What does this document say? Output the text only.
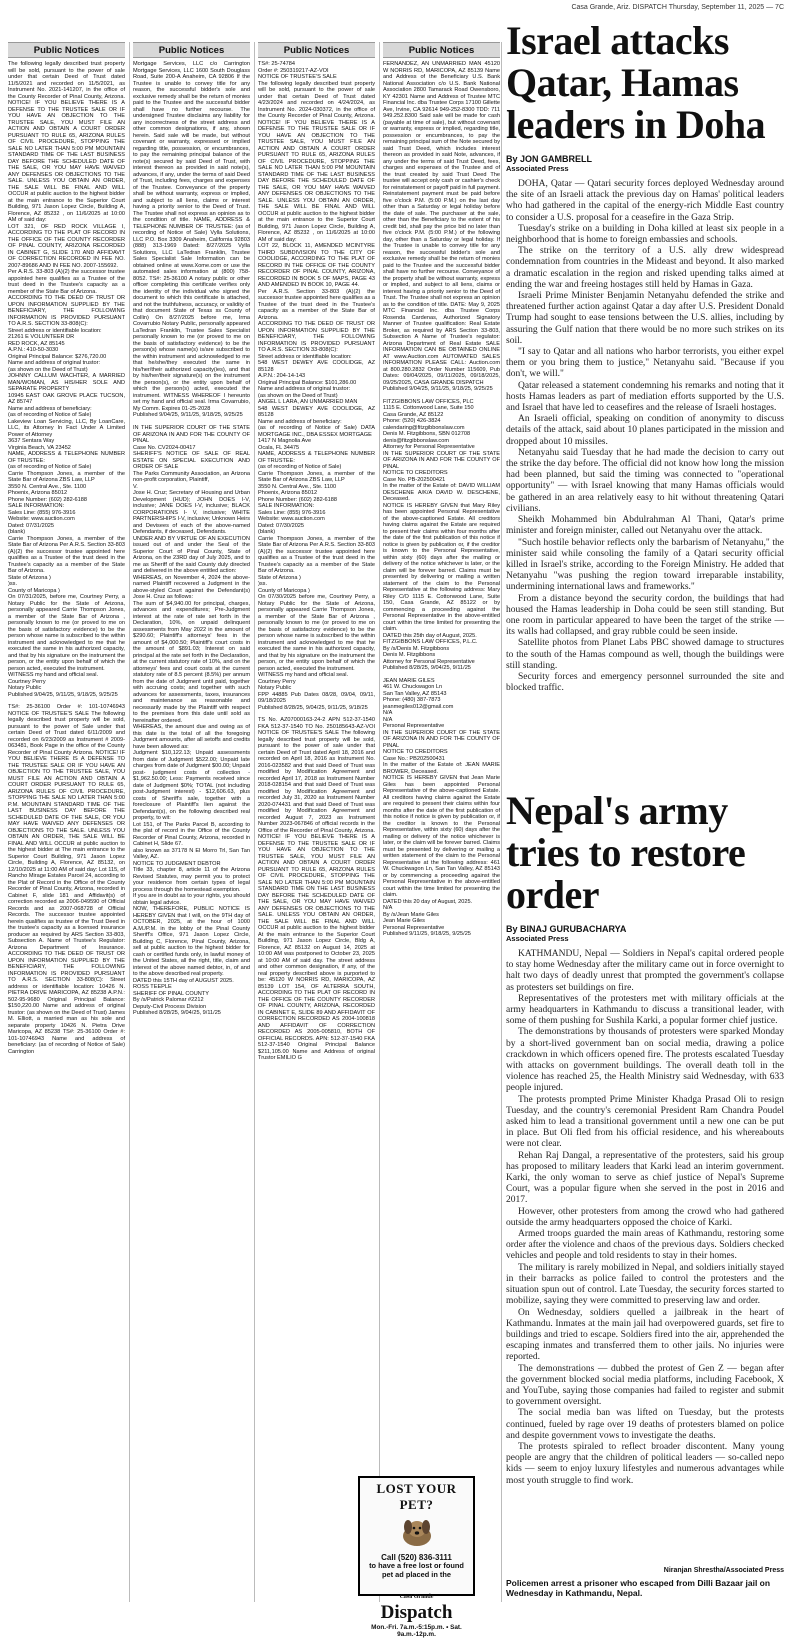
Casa Grande, Ariz. DISPATCH Thursday, September 11, 2025 — 7C
Public Notices
The following legally described trust property will be sold, pursuant to the power of sale under that certain Deed of Trust dated 11/5/2021 and recorded on 11/5/2021, as Instrument No. 2021-141207, in the office of the County Recorder of Pinal County, Arizona. NOTICE! IF YOU BELIEVE THERE IS A DEFENSE TO THE TRUSTEE SALE OR IF YOU HAVE AN OBJECTION TO THE TRUSTEE SALE, YOU MUST FILE AN ACTION AND OBTAIN A COURT ORDER PURSUANT TO RULE 65, ARIZONA RULES OF CIVIL PROCEDURE, STOPPING THE SALE NO LATER THAN 5:00 PM MOUNTAIN STANDARD TIME OF THE LAST BUSINESS DAY BEFORE THE SCHEDULED DATE OF THE SALE, OR YOU MAY HAVE WAIVED ANY DEFENSES OR OBJECTIONS TO THE SALE. UNLESS YOU OBTAIN AN ORDER, THE SALE WILL BE FINAL AND WILL OCCUR at public auction to the highest bidder at the main entrance to the Superior Court Building, 971 Jason Lopez Circle, Building A, Florence, AZ 85232 , on 11/6/2025 at 10:00 AM of said day:
LOT 321, OF RED ROCK VILLAGE I, ACCORDING TO THE PLAT OF RECORD IN THE OFFICE OF THE COUNTY RECORDER OF PINAL COUNTY, ARIZONA RECORDED IN CABINET G, SLIDE 170 AND AFFIDAVIT OF CORRECTION RECORDED IN FEE NO. 2007-89686 AND IN FEE NO. 2007-155692.
Per A.R.S. 33-803 (A)(2) the successor trustee appointed here qualifies as a Trustee of the trust deed in the Trustee's capacity as a member of the State Bar of Arizona.
ACCORDING TO THE DEED OF TRUST OR UPON INFORMATION SUPPLIED BY THE BENEFICIARY, THE FOLLOWING INFORMATION IS PROVIDED PURSUANT TO A.R.S. SECTION 33-808(C):
Street address or identifiable location:
21261 E VOLUNTEER DR
RED ROCK, AZ 85145
A.P.N.: 410-50-3030
Original Principal Balance: $276,720.00
Name and address of original trustor:
(as shown on the Deed of Trust)
JOHNNY CALLUM WACHTER, A MARRIED MAN/WOMAN, AS HIS/HER SOLE AND SEPARATE PROPERTY
10945 EAST OAK GROVE PLACE TUCSON, AZ 85747
Name and address of beneficiary:
(as of recording of Notice of Sale)
Lakeview Loan Servicing, LLC, By LoanCare, LLC, its Attorney In Fact Under A Limited Power of Attorney
3637 Sentara Way
Virginia Beach, VA 23452
NAME, ADDRESS & TELEPHONE NUMBER OF TRUSTEE:
(as of recording of Notice of Sale)
Carrie Thompson Jones, a member of the State Bar of Arizona ZBS Law, LLP
3550 N. Central Ave., Ste. 1100
Phoenix, Arizona 85012
Phone Number: (602) 282-6188
SALE INFORMATION:
Sales Line: (855) 976-3916
Website: www.auction.com
Dated: 07/31/2025
(blank)
Carrie Thompson Jones, a member of the State Bar of Arizona Per A.R.S. Section 33-803 (A)(2) the successor trustee appointed here qualifies as a Trustee of the trust deed in the Trustee's capacity as a member of the State Bar of Arizona.
State of Arizona )
)ss.
County of Maricopa )
On 07/31/2025, before me, Courtney Perry, a Notary Public for the State of Arizona, personally appeared Carrie Thompson Jones, a member of the State Bar of Arizona , personally known to me (or proved to me on the basis of satisfactory evidence) to be the person whose name is subscribed to the within instrument and acknowledged to me that he executed the same in his authorized capacity, and that by his signature on the instrument the person, or the entity upon behalf of which the person acted, executed the instrument.
WITNESS my hand and official seal.
Courtney Perry
Notary Public
Published 9/04/25, 9/11/25, 9/18/25, 9/25/25
TS#: 25-36100 Order #: 101-10746943 NOTICE OF TRUSTEE'S SALE The following legally described trust property will be sold, pursuant to the power of Sale under that certain Deed of Trust dated 6/11/2009 and recorded on 6/23/2009 as Instrument # 2009-063481, Book Page in the office of the County Recorder of Pinal County Arizona. NOTICE! IF YOU BELIEVE THERE IS A DEFENSE TO THE TRUSTEE SALE OR IF YOU HAVE AN OBJECTION TO THE TRUSTEE SALE, YOU MUST FILE AN ACTION AND OBTAIN A COURT ORDER PURSUANT TO RULE 65, ARIZONA RULES OF CIVIL PROCEDURE, STOPPING THE SALE NO LATER THAN 5:00 P.M. MOUNTAIN STANDARD TIME OF THE LAST BUSINESS DAY BEFORE THE SCHEDULED DATE OF THE SALE, OR YOU MAY HAVE WAIVED ANY DEFENSES OR OBJECTIONS TO THE SALE. UNLESS YOU OBTAIN AN ORDER, THE SALE WILL BE FINAL AND WILL OCCUR at public auction to the highest bidder at The main entrance to the Superior Court Building, 971 Jason Lopez Circle, Building A, Florence, AZ 85132, on 12/10/2025 at 11:00 AM of said day: Lot 115, of Rancho Mirage Estates Parcel 24, according to the Plat of Record in the Office of the County Recorder of Pinal County, Arizona, recorded in Cabinet F, slide 181 and Affidavit(s) of correction recorded as 2006-049590 of Official Records and as 2007-068728 of Official Records. The successor trustee appointed herein qualifies as trustee of the Trust Deed in the trustee's capacity as a licensed insurance producer as required by ARS Section 33-803, Subsection A. Name of Trustee's Regulator: Arizona Department of Insurance. ACCORDING TO THE DEED OF TRUST OR UPON INFORMATION SUPPLIED BY THE BENEFICIARY, THE FOLLOWING INFORMATION IS PROVIDED PURSUANT TO A.R.S. SECTION 33-808(C): Street address or identifiable location: 10426 N. PIETRA DRIVE MARICOPA, AZ 85238 A.P.N.: 502-95-9680 Original Principal Balance: $150,220.00 Name and address of original trustor: (as shown on the Deed of Trust) James M. Elliott, a married man as his sole and separate property 10426 N. Pietra Drive Maricopa, AZ 85238 TS#: 25-36100 Order #: 101-10746943 Name and address of beneficiary: (as of recording of Notice of Sale) Carrington
Public Notices
Mortgage Services, LLC c/o Carrington Mortgage Services, LLC 1600 South Douglass Road, Suite 200-A Anaheim, CA 92806 If the Trustee is unable to convey title for any reason, the successful bidder's sole and exclusive remedy shall be the return of monies paid to the Trustee and the successful bidder shall have no further recourse. The undersigned Trustee disclaims any liability for any incorrectness of the street address and other common designations, if any, shown herein. Said sale will be made, but without covenant or warranty, expressed or implied regarding title, possession, or encumbrances, to pay the remaining principal balance of the note(s) secured by said Deed of Trust, with interest thereon as provided in said note(s), advances, if any, under the terms of said Deed of Trust, including fees, charges and expenses of the Trustee. Conveyance of the property shall be without warranty, express or implied, and subject to all liens, claims or interest having a priority senior to the Deed of Trust. The Trustee shall not express an opinion as to the condition of title. NAME, ADDRESS & TELEPHONE NUMBER OF TRUSTEE: (as of recording of Notice of Sale) Vylla Solutions, LLC P.O. Box 3309 Anaheim, California 92803 (888) 313-1969 Dated: 8/27/2025 Vylla Solutions, LLC LaTedran Franklin, Trustee Sales Specialist Sale Information can be obtained online at www.Xome.com or use the automated sales information at (800) 758-8052. TS#: 25-36100 A notary public or other officer completing this certificate verifies only the identity of the individual who signed the document to which this certificate is attached, and not the truthfulness, accuracy, or validity of that document State of Texas ss County of Collin) On 8/27/2025 before me, Irma Covarrubio Notary Public, personally appeared LaTedran Franklin, Trustee Sales Specialist personally known to me (or proved to me on the basis of satisfactory evidence) to be the person(s) whose name(s) is/are subscribed to the within instrument and acknowledged to me that he/she/they executed the same in his/her/their authorized capacity(ies), and that by his/her/their signature(s) on the instrument the person(s), or the entity upon behalf of which the person(s) acted, executed the instrument. WITNESS WHEREOF I hereunto set my hand and official seal. Irma Covarrubio, My Comm. Expires 01-25-2028
Published 9/04/25, 9/11/25, 9/18/25, 9/25/25

IN THE SUPERIOR COURT OF THE STATE OF ARIZONA IN AND FOR THE COUNTY OF PINAL
Case No. CV2024-00417
SHERIFF'S NOTICE OF SALE OF REAL ESTATE ON SPECIAL EXECUTION AND ORDER OF SALE
The Parks Community Association, an Arizona non-profit corporation, Plaintiff,
V.
Jose H. Cruz; Secretary of Housing and Urban Development (HUD); JOHN DOES I-V, inclusive; JANE DOES I-V, inclusive; BLACK CORPORATIONS I- V, inclusive; WHITE PARTNERSHIPS I-V, inclusive; Unknown Heirs and Devisees of each of the above-named Defendants, if deceased, Defendants.
UNDER AND BY VIRTUE OF AN EXECUTION issued out of and under the Seal of the Superior Court of Pinal County, State of Arizona, on the 23RD day of July 2025, and to me as Sheriff of the said County duly directed and delivered in the above entitled action:
WHEREAS, on November 4, 2024 the above-named Plaintiff recovered a Judgment in the above-styled Court against the Defendant(s) Jose H. Cruz as follows:
The sum of $4,940.00 for principal, charges, advances and expenditures; Pre-Judgment interest at the rate of rate set forth in the Declaration, 10%, on unpaid delinquent assessments from May 2022 in the amount of $290.60; Plaintiff's attorneys' fees in the amount of $4,000.50; Plaintiff's court costs in the amount of $891.03; Interest on said principal at the rate set forth in the Declaration, at the current statutory rate of 10%, and on the attorneys' fees and court costs at the current statutory rate of 8.5 percent (8.5%) per annum from the date of Judgment until paid, together with accruing costs; and together with such advances for assessments, taxes, insurances and maintenance as reasonable and necessarily made by the Plaintiff with respect to the premises from this date until sold as hereinafter ordered.
WHEREAS, the amount due and owing as of this date is the total of all the foregoing Judgment amounts, after all setoffs and credits have been allowed as:
Judgment $10,122.13; Unpaid assessments from date of Judgment $522.00; Unpaid late charges from date of Judgment $00.00; Unpaid post- judgment costs of collection - $1,962.50.00; Less: Payments received since date of Judgment $0%; TOTAL (not including post-Judgment interest) - $12,606.63, plus costs of Sheriff's sale, together with a foreclosure of Plaintiff's lien against the Defendant(s), on the following described real property, to wit:
Lot 151, of The Parks Parcel B, according to the plat of record in the Office of the County Recorder of Pinal County, Arizona, recorded in Cabinet H, Slide 67.
also known as 37178 N El Morro Trl, San Tan Valley, AZ.
NOTICE TO JUDGMENT DEBTOR
Title 33, chapter 8, article 11 of the Arizona Revised Statutes, may permit you to protect your residence from certain types of legal process through the homestead exemption.
If you are in doubt as to your rights, you should obtain legal advice.
NOW, THEREFORE, PUBLIC NOTICE IS HEREBY GIVEN that I will, on the 9TH day of OCTOBER, 2025, at the hour of 1000 A.M./P.M. in the lobby of the Pinal County Sheriff's Office, 971 Jason Lopez Circle, Building C, Florence, Pinal County, Arizona, sell at public auction to the highest bidder for cash or certified funds only, in lawful money of the United States, all the right, title, claim and interest of the above named debtor, in, of and to the above described real property.
DATED this 15TH day of AUGUST 2025.
ROSS TEEPLE
SHERIFF OF PINAL COUNTY
By /s/Patrick Palomar #2212
Deputy-Civil Process Division
Published 8/28/25, 9/04/25, 9/11/25
Public Notices
TS#: 25-74784
Order #: 250319217-AZ-VOI
NOTICE OF TRUSTEE'S SALE
The following legally described trust property will be sold, pursuant to the power of sale under that certain Deed of Trust dated 4/23/2024 and recorded on 4/24/2024, as Instrument No. 2024-030372, in the office of the County Recorder of Pinal County, Arizona. NOTICE! IF YOU BELIEVE THERE IS A DEFENSE TO THE TRUSTEE SALE OR IF YOU HAVE AN OBJECTION TO THE TRUSTEE SALE, YOU MUST FILE AN ACTION AND OBTAIN A COURT ORDER PURSUANT TO RULE 65, ARIZONA RULES OF CIVIL PROCEDURE, STOPPING THE SALE NO LATER THAN 5:00 PM MOUNTAIN STANDARD TIME OF THE LAST BUSINESS DAY BEFORE THE SCHEDULED DATE OF THE SALE, OR YOU MAY HAVE WAIVED ANY DEFENSES OR OBJECTIONS TO THE SALE. UNLESS YOU OBTAIN AN ORDER, THE SALE WILL BE FINAL AND WILL OCCUR at public auction to the highest bidder at the main entrance to the Superior Court Building, 971 Jason Lopez Circle, Building A, Florence, AZ 85232 , on 11/6/2025 at 10:00 AM of said day:
LOT 22, BLOCK 11, AMENDED MCINTYRE THIRD SUBDIVISION TO THE CITY OF COOLIDGE, ACCORDING TO THE PLAT OF RECORD IN THE OFFICE OF THE COUNTY RECORDER OF PINAL COUNTY, ARIZONA, RECORDED IN BOOK 5 OF MAPS, PAGE 43 AND AMENDED IN BOOK 10, PAGE 44.
Per A.R.S. Section 33-803 (A)(2) the successor trustee appointed here qualifies as a Trustee of the trust deed in the Trustee's capacity as a member of the State Bar of Arizona.
ACCORDING TO THE DEED OF TRUST OR UPON INFORMATION SUPPLIED BY THE BENEFICIARY, THE FOLLOWING INFORMATION IS PROVIDED PURSUANT TO A.R.S. SECTION 33-808(C):
Street address or identifiable location:
548 WEST DEWEY AVE COOLIDGE, AZ 85128
A.P.N.: 204-14-143
Original Principal Balance: $101,286.00
Name and address of original trustor:
(as shown on the Deed of Trust)
ANGEL L LARA, AN UNMARRIED MAN
548 WEST DEWEY AVE COOLIDGE, AZ 85128
Name and address of beneficiary:
(as of recording of Notice of Sale) DATA MORTGAGE INC., DBA ESSEX MORTGAGE
1417 N Magnolia Ave
Ocala, FL 34475
NAME, ADDRESS & TELEPHONE NUMBER OF TRUSTEE:
(as of recording of Notice of Sale)
Carrie Thompson Jones, a member of the State Bar of Arizona ZBS Law, LLP
3550 N. Central Ave., Ste. 1100
Phoenix, Arizona 85012
Phone Number: (602) 282-6188
SALE INFORMATION:
Sales Line: (855) 976-3916
Website: www.auction.com
Dated: 07/30/2025
(blank)
Carrie Thompson Jones, a member of the State Bar of Arizona Per A.R.S. Section 33-803 (A)(2) the successor trustee appointed here qualifies as a Trustee of the trust deed in the Trustee's capacity as a member of the State Bar of Arizona.
State of Arizona )
)ss.
County of Maricopa )
On 07/30/2025 before me, Courtney Perry, a Notary Public for the State of Arizona, personally appeared Carrie Thompson Jones, a member of the State Bar of Arizona , personally known to me (or proved to me on the basis of satisfactory evidence) to be the person whose name is subscribed to the within instrument and acknowledged to me that he executed the same in his authorized capacity, and that by his signature on the instrument the person, or the entity upon behalf of which the person acted, executed the instrument.
WITNESS my hand and official seal.
Courtney Perry
Notary Public
FPP 44885 Pub Dates 08/28, 09/04, 09/11, 09/18/2025
Published 8/28/25, 9/04/25, 9/11/25, 9/18/25
TS No. AZ07000163-24-2 APN 512-37-1540 FKA 512-37-1540 TO No. 250185643-AZ-VOI NOTICE OF TRUSTEE'S SALE The following legally described trust property will be sold, pursuant to the power of sale under that certain Deed of Trust dated April 18, 2016 and recorded on April 18, 2016 as Instrument No. 2016-023582 and that said Deed of Trust was modified by Modification Agreement and recorded April 17, 2018 as Instrument Number 2018-028154 and that said Deed of Trust was modified by Modification Agreement and recorded July 31, 2020 as Instrument Number 2020-074431 and that said Deed of Trust was modified by Modification Agreement and recorded August 7, 2023 as Instrument Number 2023-067846 of official records in the Office of the Recorder of Pinal County, Arizona. NOTICE! IF YOU BELIEVE THERE IS A DEFENSE TO THE TRUSTEE SALE OR IF YOU HAVE AN OBJECTION TO THE TRUSTEE SALE, YOU MUST FILE AN ACTION AND OBTAIN A COURT ORDER PURSUANT TO RULE 65, ARIZONA RULES OF CIVIL PROCEDURE, STOPPING THE SALE NO LATER THAN 5:00 PM MOUNTAIN STANDARD TIME ON THE LAST BUSINESS DAY BEFORE THE SCHEDULED DATE OF THE SALE, OR YOU MAY HAVE WAIVED ANY DEFENSES OR OBJECTIONS TO THE SALE. UNLESS YOU OBTAIN AN ORDER, THE SALE WILL BE FINAL AND WILL OCCUR at public auction to the highest bidder At the main entrance to the Superior Court Building, 971 Jason Lopez Circle, Bldg A, Florence, AZ 85132 on August 14, 2025 at 10:00 AM was postponed to October 23, 2025 at 10:00 AM of said day. The street address and other common designation, if any, of the real property described above is purported to be: 45120 W NORRIS RD, MARICOPA, AZ 85139 LOT 154, OF ALTERRA SOUTH, ACCORDING TO THE PLAT OF RECORD IN THE OFFICE OF THE COUNTY RECORDER OF PINAL COUNTY, ARIZONA, RECORDED IN CABINET E, SLIDE 89 AND AFFIDAVIT OF CORRECTION RECORDED AS 2004-100818 AND AFFIDAVIT OF CORRECTION RECORDED AS 2005-005810, BOTH OF OFFICIAL RECORDS. APN: 512-37-1540 FKA 512-37-1540 Original Principal Balance $211,105.00 Name and Address of original Trustor EMILIO G
Public Notices
FERNANDEZ, AN UNMARRIED MAN 45120 W NORRIS RD, MARICOPA, AZ 85139 Name and Address of the Beneficiary U.S. Bank National Association c/o U.S. Bank National Association 2800 Tamarack Road Owensboro, KY 42301 Name and Address of Trustee MTC Financial Inc. dba Trustee Corps 17100 Gillette Ave, Irvine, CA 92614 949-252-8300 TDD: 711 949.252.8300 Said sale will be made for cash (payable at time of sale), but without covenant or warranty, express or implied, regarding title, possession or encumbrances, to pay the remaining principal sum of the Note secured by said Trust Deed, which includes interest thereon as provided in said Note, advances, if any under the terms of said Trust Deed, fees, charges and expenses of the Trustee and of the trust created by said Trust Deed The trustee will accept only cash or cashier's check for reinstatement or payoff paid in full payment. Reinstatement payment must be paid before five o'clock P.M. (5:00 P.M.) on the last day other than a Saturday or legal holiday before the date of sale. The purchaser at the sale, other than the Beneficiary to the extent of his credit bid, shall pay the price bid no later than five o'clock P.M. (5:00 P.M.) of the following day, other than a Saturday or legal holiday. If the Trustee is unable to convey title for any reason, the successful bidder's sole and exclusive remedy shall be the return of monies paid to the Trustee and the successful bidder shall have no further recourse. Conveyance of the property shall be without warranty, express or implied, and subject to all liens, claims or interest having a priority senior to the Deed of Trust. The Trustee shall not express an opinion as to the condition of title. DATE: May 9, 2025 MTC Financial Inc. dba Trustee Corps Rosenda Cardenas, Authorized Signatory Manner of Trustee qualification: Real Estate Broker, as required by ARS Section 33-803, Subsection A Name of Trustee's regulator: Arizona Department of Real Estate SALE INFORMATION CAN BE OBTAINED ONLINE AT www.Auction.com AUTOMATED SALES INFORMATION PLEASE CALL: Auction.com at 800.280.2832 Order Number 115609, Pub Dates: 09/04/2025, 09/11/2025, 09/18/2025, 09/25/2025, CASA GRANDE DISPATCH
Published 9/04/25, 9/11/25, 9/18/25, 9/25/25
FITZGIBBONS LAW OFFICES, PLC
1115 E. Cottonwood Lane, Suite 150
Casa Grande, AZ 85122
Phone: (520) 426-3824
calendaring@fitzgibbonslaw.com
Denis M. Fitzgibbons, SBN 012708
denis@fitzgibbonslaw.com
Attorney for Personal Representative
IN THE SUPERIOR COURT OF THE STATE OF ARIZONA IN AND FOR THE COUNTY OF PINAL
NOTICE TO CREDITORS
Case No. PB-202500421
In the matter of the Estate of: DAVID WILLIAM DESCHENE A/K/A DAVID W. DESCHENE, Deceased.
NOTICE IS HEREBY GIVEN that Mary Riley has been appointed Personal Representative of the above-captioned Estate. All creditors having claims against the Estate are required to present their claims within four months after the date of the first publication of this notice if notice is given by publication or, if the creditor is known to the Personal Representative, within sixty (60) days after the mailing or delivery of the notice whichever is later, or the claim will be forever barred. Claims must be presented by delivering or mailing a written statement of the claim to the Personal Representative at the following address: Mary Riley C/O 1115 E. Cottonwood Lane, Suite 150, Casa Grande, AZ 85122 or by commencing a proceeding against the Personal Representative in the above-entitled court within the time limited for presenting the claim.
DATED this 25th day of August, 2025.
FITZGIBBONS LAW OFFICES, P.L.C.
By /s/Denis M. Fitzgibbons
Denis M. Fitzgibbons
Attorney for Personal Representative
Published 8/28/25, 9/04/25, 9/11/25
JEAN MARIE GILES
461 W. Chuckwagon Ln
San Tan Valley, AZ 85143
Phone: (480) 387-7873
jeanmegiles012@gmail.com
N/A
N/A
Personal Representative
IN THE SUPERIOR COURT OF THE STATE OF ARIZONA IN AND FOR THE COUNTY OF PINAL
NOTICE TO CREDITORS
Case No.: PB202500431
In the matter of the Estate of: JEAN MARIE BROWER, Deceased.
NOTICE IS HEREBY GIVEN that Jean Marie Giles has been appointed Personal Representative of the above-captioned Estate. All creditors having claims against the Estate are required to present their claims within four months after the date of the first publication of this notice if notice is given by publication or, if the creditor is known to the Personal Representative, within sixty (60) days after the mailing or delivery of the notice whichever is later, or the claim will be forever barred. Claims must be presented by delivering or mailing a written statement of the claim to the Personal Representative at the following address: 461 W. Chuckwagon Ln, San Tan Valley, AZ 85143 or by commencing a proceeding against the Personal Representative in the above-entitled court within the time limited for presenting the claim.
DATED this 20 day of August, 2025.
N/A
By /s/Jean Marie Giles
Jean Marie Giles
Personal Representative
Published 9/11/25, 9/18/25, 9/25/25
LOST YOUR PET?
Call (520) 836-3111
to have a free lost or found
pet ad placed in the
Casa Grande
Dispatch
Mon.-Fri. 7a.m.-5:15p.m. • Sat. 9a.m.-12p.m.
Israel attacks Qatar, Hamas leaders in Doha
By JON GAMBRELL
Associated Press

DOHA, Qatar — Qatari security forces deployed Wednesday around the site of an Israeli attack the previous day on Hamas' political leaders who had gathered in the capital of the energy-rich Middle East country to consider a U.S. proposal for a ceasefire in the Gaza Strip.

Tuesday's strike on a building in Doha killed at least six people in a neighborhood that is home to foreign embassies and schools.

The strike on the territory of a U.S. ally drew widespread condemnation from countries in the Mideast and beyond. It also marked a dramatic escalation in the region and risked upending talks aimed at ending the war and freeing hostages still held by Hamas in Gaza.

Israeli Prime Minister Benjamin Netanyahu defended the strike and threatened further action against Qatar a day after U.S. President Donald Trump had sought to ease tensions between the U.S. allies, including by assuring the Gulf nation that there would be no more such strikes on its soil.

"I say to Qatar and all nations who harbor terrorists, you either expel them or you bring them to justice," Netanyahu said. "Because if you don't, we will."

Qatar released a statement condemning his remarks and noting that it hosts Hamas leaders as part of mediation efforts supported by the U.S. and Israel that have led to ceasefires and the release of Israeli hostages.

An Israeli official, speaking on condition of anonymity to discuss details of the attack, said about 10 planes participated in the mission and dropped about 10 missiles.

Netanyahu said Tuesday that he had made the decision to carry out the strike the day before. The official did not know how long the mission had been planned, but said the timing was connected to "operational opportunity" — with Israel knowing that many Hamas officials would be gathered in an area relatively easy to hit without threatening Qatari civilians.

Sheikh Mohammed bin Abdulrahman Al Thani, Qatar's prime minister and foreign minister, called out Netanyahu over the attack.

"Such hostile behavior reflects only the barbarism of Netanyahu," the minister said while consoling the family of a Qatari security official killed in Israel's strike, according to the Foreign Ministry. He added that Netanyahu "was pushing the region toward irreparable instability, undermining international laws and frameworks."

From a distance beyond the security cordon, the buildings that had housed the Hamas leadership in Doha could be seen still standing. But one room in particular appeared to have been the target of the strike — its walls had collapsed, and gray rubble could be seen inside.

Satellite photos from Planet Labs PBC showed damage to structures to the south of the Hamas compound as well, though the buildings were still standing.

Security forces and emergency personnel surrounded the site and blocked traffic.

Nepal's army tries to restore order
By BINAJ GURUBACHARYA
Associated Press

KATHMANDU, Nepal — Soldiers in Nepal's capital ordered people to stay home Wednesday after the military came out in force overnight to halt two days of deadly unrest that prompted the government's collapse as protesters set buildings on fire.

Representatives of the protesters met with military officials at the army headquarters in Kathmandu to discuss a transitional leader, with some of them pushing for Sushila Karki, a popular former chief justice.

The demonstrations by thousands of protesters were sparked Monday by a short-lived government ban on social media, drawing a police crackdown in which officers opened fire. The protests escalated Tuesday with attacks on government buildings. The overall death toll in the violence has reached 25, the Health Ministry said Wednesday, with 633 people injured.

The protests prompted Prime Minister Khadga Prasad Oli to resign Tuesday, and the country's ceremonial President Ram Chandra Poudel asked him to lead a transitional government until a new one can be put in place. But Oli fled from his official residence, and his whereabouts were not clear.

Rehan Raj Dangal, a representative of the protesters, said his group has proposed to military leaders that Karki lead an interim government. Karki, the only woman to serve as chief justice of Nepal's Supreme Court, was a popular figure when she served in the post in 2016 and 2017.

However, other protesters from among the crowd who had gathered outside the army headquarters opposed the choice of Karki.

Armed troops guarded the main areas of Kathmandu, restoring some order after the violence and chaos of the previous days. Soldiers checked vehicles and people and told residents to stay in their homes.

The military is rarely mobilized in Nepal, and soldiers initially stayed in their barracks as police failed to control the protesters and the situation spun out of control. Late Tuesday, the security forces started to mobilize, saying they were committed to preserving law and order.

On Wednesday, soldiers quelled a jailbreak in the heart of Kathmandu. Inmates at the main jail had overpowered guards, set fire to buildings and tried to escape. Soldiers fired into the air, apprehended the escaping inmates and transferred them to other jails. No injuries were reported.

The demonstrations — dubbed the protest of Gen Z — began after the government blocked social media platforms, including Facebook, X and YouTube, saying those companies had failed to register and submit to government oversight.

The social media ban was lifted on Tuesday, but the protests continued, fueled by rage over 19 deaths of protesters blamed on police and despite government vows to investigate the deaths.

The protests spiraled to reflect broader discontent. Many young people are angry that the children of political leaders — so-called nepo kids — seem to enjoy luxury lifestyles and numerous advantages while most youth struggle to find work.

Niranjan Shrestha/Associated Press
Policemen arrest a prisoner who escaped from Dilli Bazaar jail on Wednesday in Kathmandu, Nepal.
